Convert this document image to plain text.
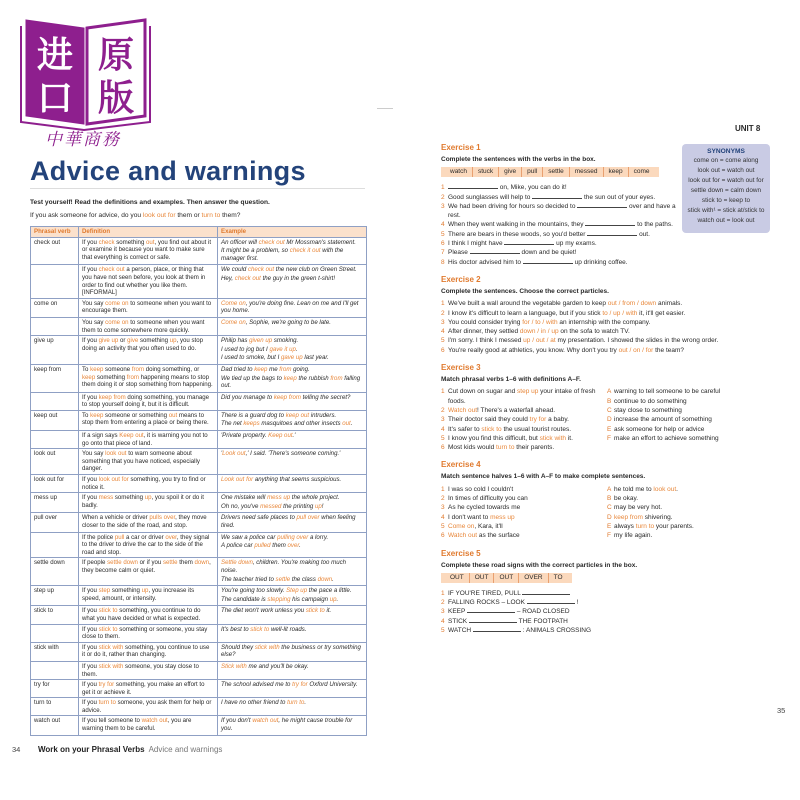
进
口
原
版
中華商務
Advice and warnings
Test yourself! Read the definitions and examples. Then answer the question.
If you ask someone for advice, do you look out for them or turn to them?
Phrasal verb	Definition	Example
check out	If you check something out, you find out about it or examine it because you want to make sure that everything is correct or safe.	An officer will check out Mr Mossman's statement.
It might be a problem, so check it out with the manager first.

	If you check out a person, place, or thing that you have not seen before, you look at them in order to find out whether you like them. [INFORMAL]	We could check out the new club on Green Street.
Hey, check out the guy in the green t-shirt!

come on	You say come on to someone when you want to encourage them.	Come on, you're doing fine. Lean on me and I'll get you home.

	You say come on to someone when you want them to come somewhere more quickly.	Come on, Sophie, we're going to be late.

give up	If you give up or give something up, you stop doing an activity that you often used to do.	Philip has given up smoking.
I used to jog but I gave it up.
I used to smoke, but I gave up last year.

keep from	To keep someone from doing something, or keep something from happening means to stop them doing it or stop something from happening.	Dad tried to keep me from going.
We tied up the bags to keep the rubbish from falling out.

	If you keep from doing something, you manage to stop yourself doing it, but it is difficult.	Did you manage to keep from telling the secret?

keep out	To keep someone or something out means to stop them from entering a place or being there.	There is a guard dog to keep out intruders.
The net keeps masquitoes and other insects out.

	If a sign says Keep out, it is warning you not to go onto that piece of land.	'Private property. Keep out.'

look out	You say look out to warn someone about something that you have noticed, especially danger.	'Look out,' I said. 'There's someone coming.'

look out for	If you look out for something, you try to find or notice it.	Look out for anything that seems suspicious.

mess up	If you mess something up, you spoil it or do it badly.	One mistake will mess up the whole project.
Oh no, you've messed the printing up!

pull over	When a vehicle or driver pulls over, they move closer to the side of the road, and stop.	Drivers need safe places to pull over when feeling tired.

	If the police pull a car or driver over, they signal to the driver to drive the car to the side of the road and stop.	We saw a police car pulling over a lorry.
A police car pulled them over.

settle down	If people settle down or if you settle them down, they become calm or quiet.	Settle down, children. You're making too much noise.
The teacher tried to settle the class down.

step up	If you step something up, you increase its speed, amount, or intensity.	You're going too slowly. Step up the pace a little.
The candidate is stepping his campaign up.

stick to	If you stick to something, you continue to do what you have decided or what is expected.	The diet won't work unless you stick to it.

	If you stick to something or someone, you stay close to them.	It's best to stick to well-lit roads.

stick with	If you stick with something, you continue to use it or do it, rather than changing.	Should they stick with the business or try something else?

	If you stick with someone, you stay close to them.	Stick with me and you'll be okay.

try for	If you try for something, you make an effort to get it or achieve it.	The school advised me to try for Oxford University.

turn to	If you turn to someone, you ask them for help or advice.	I have no other friend to turn to.

watch out	If you tell someone to watch out, you are warning them to be careful.	If you don't watch out, he might cause trouble for you.
34 Work on your Phrasal Verbs Advice and warnings
UNIT 8
SYNONYMS
come on = come along
look out = watch out
look out for = watch out for
settle down = calm down
stick to = keep to
stick with¹ = stick at/stick to
watch out = look out
Exercise 1
Complete the sentences with the verbs in the box.
watch	stuck	give	pull	settle	messed	keep	come

1	on, Mike, you can do it!
2 Good sunglasses will help to	the sun out of your eyes.
3 We had been driving for hours so decided to	over and have a rest.
4 When they went walking in the mountains, they	to the paths.
5 There are bears in these woods, so you'd better	out.
6 I think I might have	up my exams.
7 Please	down and be quiet!
8 His doctor advised him to	up drinking coffee.
Exercise 2
Complete the sentences. Choose the correct particles.
1 We've built a wall around the vegetable garden to keep out / from / down animals.
2 I know it's difficult to learn a language, but if you stick to / up / with it, it'll get easier.
3 You could consider trying for / to / with an internship with the company.
4 After dinner, they settled down / in / up on the sofa to watch TV.
5 I'm sorry. I think I messed up / out / at my presentation. I showed the slides in the wrong order.
6 You're really good at athletics, you know. Why don't you try out / on / for the team?
Exercise 3
Match phrasal verbs 1–6 with definitions A–F.
1 Cut down on sugar and step up your intake of fresh foods.
2 Watch out! There's a waterfall ahead.
3 Their doctor said they could try for a baby.
4 It's safer to stick to the usual tourist routes.
5 I know you find this difficult, but stick with it.
6 Most kids would turn to their parents.
A warning to tell someone to be careful
B continue to do something
C stay close to something
D increase the amount of something
E ask someone for help or advice
F make an effort to achieve something
Exercise 4
Match sentence halves 1–6 with A–F to make complete sentences.
1 I was so cold I couldn't
2 In times of difficulty you can
3 As he cycled towards me
4 I don't want to mess up
5 Come on, Kara, it'll
6 Watch out as the surface
A he told me to look out.
B be okay.
C may be very hot.
D keep from shivering.
E always turn to your parents.
F my life again.
Exercise 5
Complete these road signs with the correct particles in the box.
OUT	OUT	OUT	OVER	TO

1 IF YOU'RE TIRED, PULL
2 FALLING ROCKS – LOOK	!
3 KEEP	– ROAD CLOSED
4 STICK	THE FOOTPATH
5 WATCH	: ANIMALS CROSSING
35
